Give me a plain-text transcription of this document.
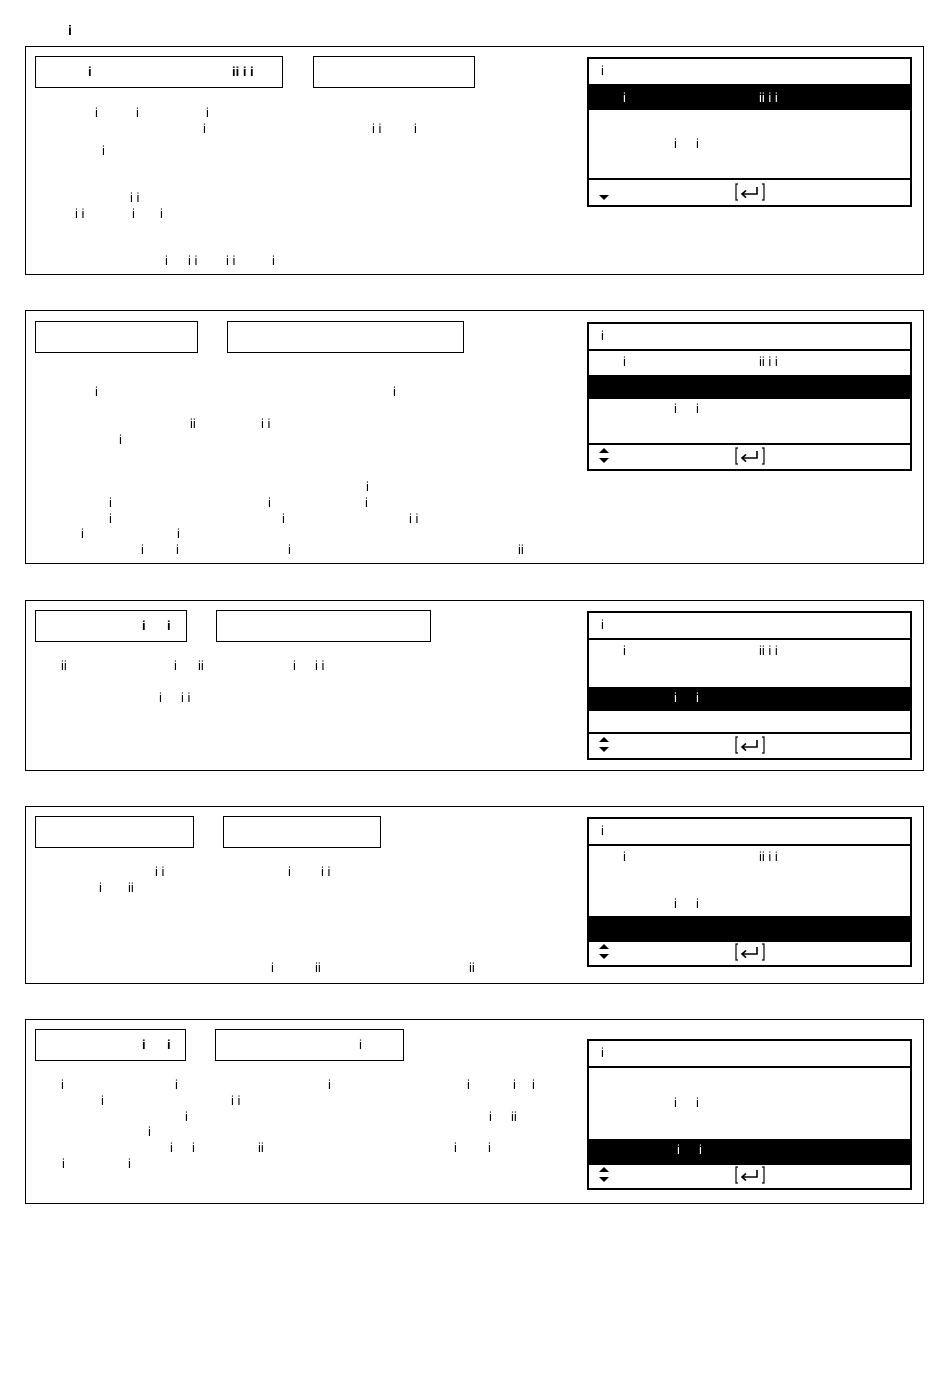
i
i	ii i i
i	i	i
i	i i	i
i
i i
i i	i i
i i i i i	i
i
i	ii i i
i i
i	i
ii	i i
i
i
i	i	i
i	i	i i
i	i
i i	i	ii
i
i	ii i i
i i
i i
ii	i ii	i i i
i i i
i
i	ii i i
i i
i i	i i i
i ii
i	ii	ii
i
i	ii i i
i i
i i	i
i	i	i	i	i i
i	i i
i	i ii
i
i i	ii	i i
i	i
i
i i
i i
